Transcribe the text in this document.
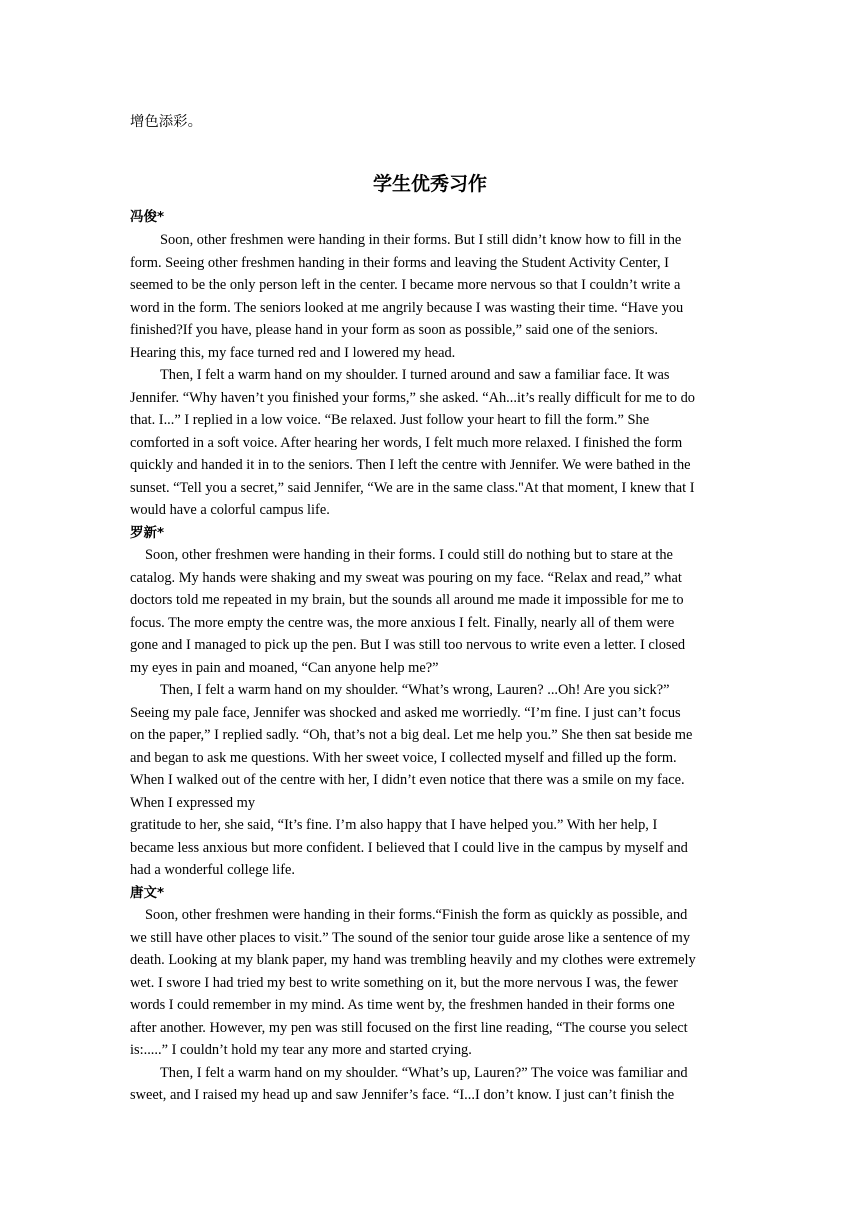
增色添彩。
学生优秀习作
冯俊*
Soon, other freshmen were handing in their forms. But I still didn’t know how to fill in the
form. Seeing other freshmen handing in their forms and leaving the Student Activity Center, I
seemed to be the only person left in the center. I became more nervous so that I couldn’t write a
word in the form. The seniors looked at me angrily because I was wasting their time. “Have you
finished?If you have, please hand in your form as soon as possible,” said one of the seniors.
Hearing this, my face turned red and I lowered my head.
Then, I felt a warm hand on my shoulder. I turned around and saw a familiar face. It was
Jennifer. “Why haven’t you finished your forms,” she asked. “Ah...it’s really difficult for me to do
that. I...” I replied in a low voice. “Be relaxed. Just follow your heart to fill the form.” She
comforted in a soft voice. After hearing her words, I felt much more relaxed. I finished the form
quickly and handed it in to the seniors. Then I left the centre with Jennifer. We were bathed in the
sunset. “Tell you a secret,” said Jennifer, “We are in the same class."At that moment, I knew that I
would have a colorful campus life.
罗新*
Soon, other freshmen were handing in their forms. I could still do nothing but to stare at the
catalog. My hands were shaking and my sweat was pouring on my face. “Relax and read,” what
doctors told me repeated in my brain, but the sounds all around me made it impossible for me to
focus. The more empty the centre was, the more anxious I felt. Finally, nearly all of them were
gone and I managed to pick up the pen. But I was still too nervous to write even a letter. I closed
my eyes in pain and moaned, “Can anyone help me?”
Then, I felt a warm hand on my shoulder. “What’s wrong, Lauren? ...Oh! Are you sick?”
Seeing my pale face, Jennifer was shocked and asked me worriedly. “I’m fine. I just can’t focus
on the paper,” I replied sadly. “Oh, that’s not a big deal. Let me help you.” She then sat beside me
and began to ask me questions. With her sweet voice, I collected myself and filled up the form.
When I walked out of the centre with her, I didn’t even notice that there was a smile on my face.
When I expressed my
gratitude to her, she said, “It’s fine. I’m also happy that I have helped you.” With her help, I
became less anxious but more confident. I believed that I could live in the campus by myself and
had a wonderful college life.
唐文*
Soon, other freshmen were handing in their forms.“Finish the form as quickly as possible, and
we still have other places to visit.” The sound of the senior tour guide arose like a sentence of my
death. Looking at my blank paper, my hand was trembling heavily and my clothes were extremely
wet. I swore I had tried my best to write something on it, but the more nervous I was, the fewer
words I could remember in my mind. As time went by, the freshmen handed in their forms one
after another. However, my pen was still focused on the first line reading, “The course you select
is:.....” I couldn’t hold my tear any more and started crying.
Then, I felt a warm hand on my shoulder. “What’s up, Lauren?” The voice was familiar and
sweet, and I raised my head up and saw Jennifer’s face. “I...I don’t know. I just can’t finish the
